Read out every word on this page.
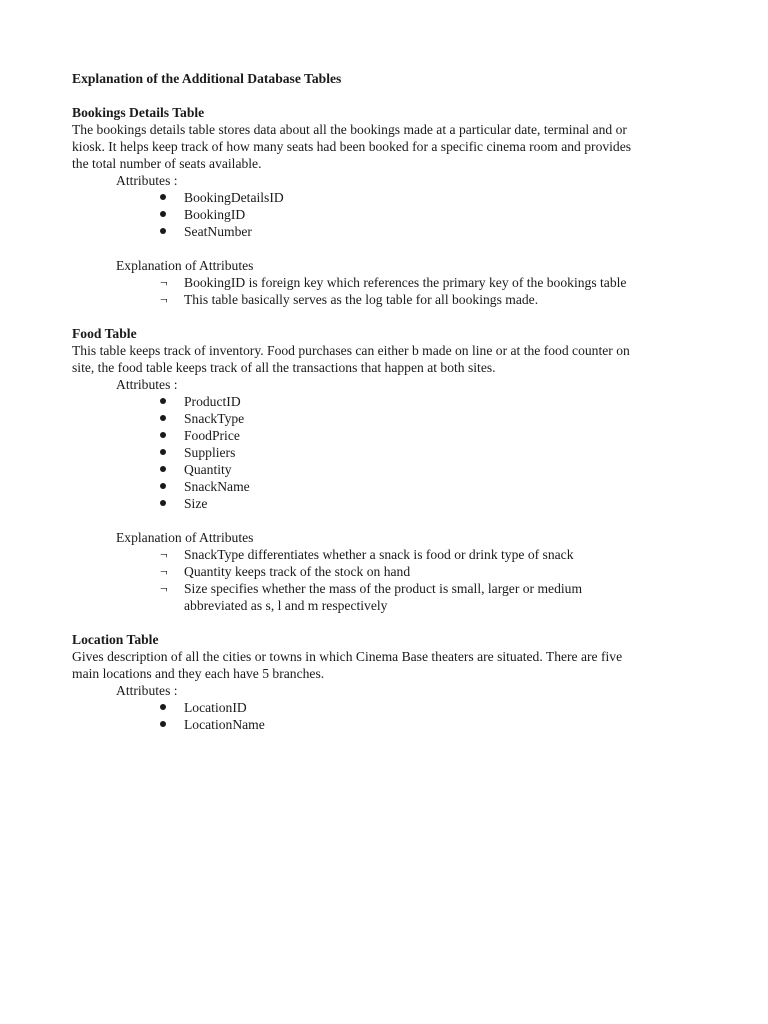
Explanation of the Additional Database Tables

Bookings Details Table

The bookings details table stores data about all the bookings made at a particular date, terminal and or

kiosk. It helps keep track of how many seats had been booked for a specific cinema room and provides

the total number of seats available.

Attributes :

BookingDetailsID
BookingID
SeatNumber

Explanation of Attributes

¬ BookingID is foreign key which references the primary key of the bookings table
¬ This table basically serves as the log table for all bookings made.

Food Table

This table keeps track of inventory. Food purchases can either b made on line or at the food counter on

site, the food table keeps track of all the transactions that happen at both sites.

Attributes :

ProductID
SnackType
FoodPrice
Suppliers
Quantity
SnackName
Size

Explanation of Attributes

¬ SnackType differentiates whether a snack is food or drink type of snack
¬ Quantity keeps track of the stock on hand
¬ Size specifies whether the mass of the product is small, larger or medium
abbreviated as s, l and m respectively

Location Table

Gives description of all the cities or towns in which Cinema Base theaters are situated. There are five

main locations and they each have 5 branches.

Attributes :

LocationID
LocationName
